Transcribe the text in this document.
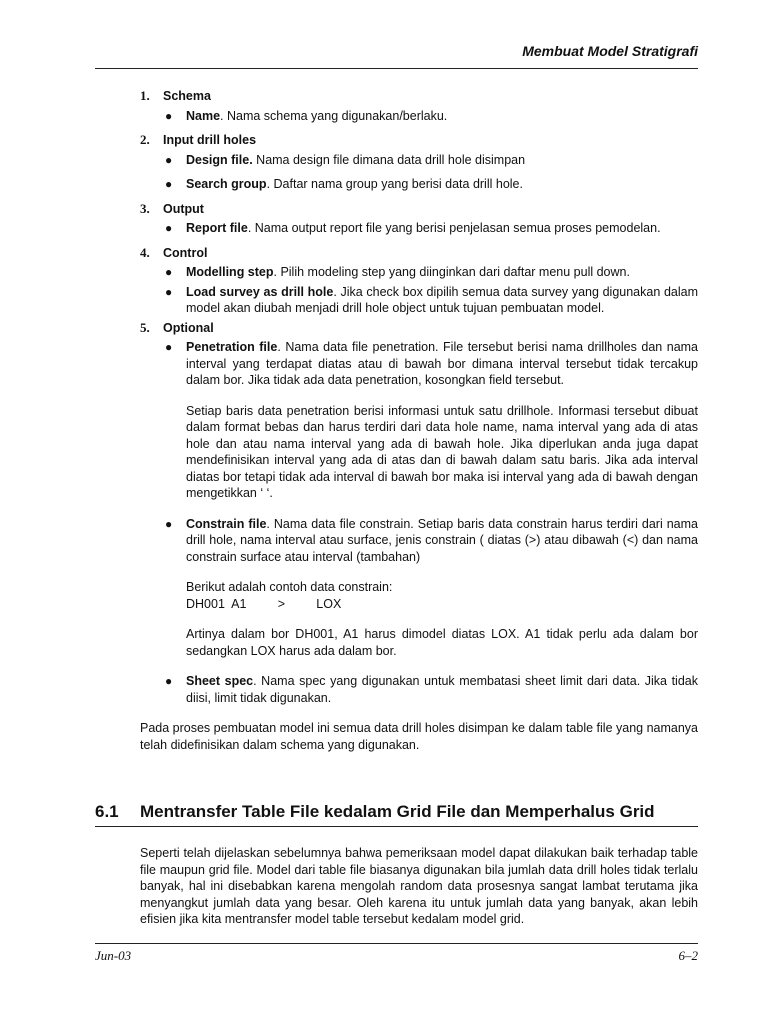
Membuat Model Stratigrafi
1. Schema
● Name. Nama schema yang digunakan/berlaku.
2. Input drill holes
● Design file. Nama design file dimana data drill hole disimpan
● Search group. Daftar nama group yang berisi data drill hole.
3. Output
● Report file. Nama output report file yang berisi penjelasan semua proses pemodelan.
4. Control
● Modelling step. Pilih modeling step yang diinginkan dari daftar menu pull down.
● Load survey as drill hole. Jika check box dipilih semua data survey yang digunakan dalam model akan diubah menjadi drill hole object untuk tujuan pembuatan model.
5. Optional
● Penetration file. Nama data file penetration. File tersebut berisi nama drillholes dan nama interval yang terdapat diatas atau di bawah bor dimana interval tersebut tidak tercakup dalam bor. Jika tidak ada data penetration, kosongkan field tersebut.

Setiap baris data penetration berisi informasi untuk satu drillhole. Informasi tersebut dibuat dalam format bebas dan harus terdiri dari data hole name, nama interval yang ada di atas hole dan atau nama interval yang ada di bawah hole. Jika diperlukan anda juga dapat mendefinisikan interval yang ada di atas dan di bawah dalam satu baris. Jika ada interval diatas bor tetapi tidak ada interval di bawah bor maka isi interval yang ada di bawah dengan mengetikkan ‘ ‘.

● Constrain file. Nama data file constrain. Setiap baris data constrain harus terdiri dari nama drill hole, nama interval atau surface, jenis constrain ( diatas (>) atau dibawah (<) dan nama constrain surface atau interval (tambahan)

Berikut adalah contoh data constrain:
DH001  A1         >         LOX

Artinya dalam bor DH001, A1 harus dimodel diatas LOX. A1 tidak perlu ada dalam bor sedangkan LOX harus ada dalam bor.

● Sheet spec. Nama spec yang digunakan untuk membatasi sheet limit dari data. Jika tidak diisi, limit tidak digunakan.

Pada proses pembuatan model ini semua data drill holes disimpan ke dalam table file yang namanya telah didefinisikan dalam schema yang digunakan.

6.1 Mentransfer Table File kedalam Grid File dan Memperhalus Grid
Seperti telah dijelaskan sebelumnya bahwa pemeriksaan model dapat dilakukan baik terhadap table file maupun grid file. Model dari table file biasanya digunakan bila jumlah data drill holes tidak terlalu banyak, hal ini disebabkan karena mengolah random data prosesnya sangat lambat terutama jika menyangkut jumlah data yang besar. Oleh karena itu untuk jumlah data yang banyak, akan lebih efisien jika kita mentransfer model table tersebut kedalam model grid.
Jun-03	6–2
